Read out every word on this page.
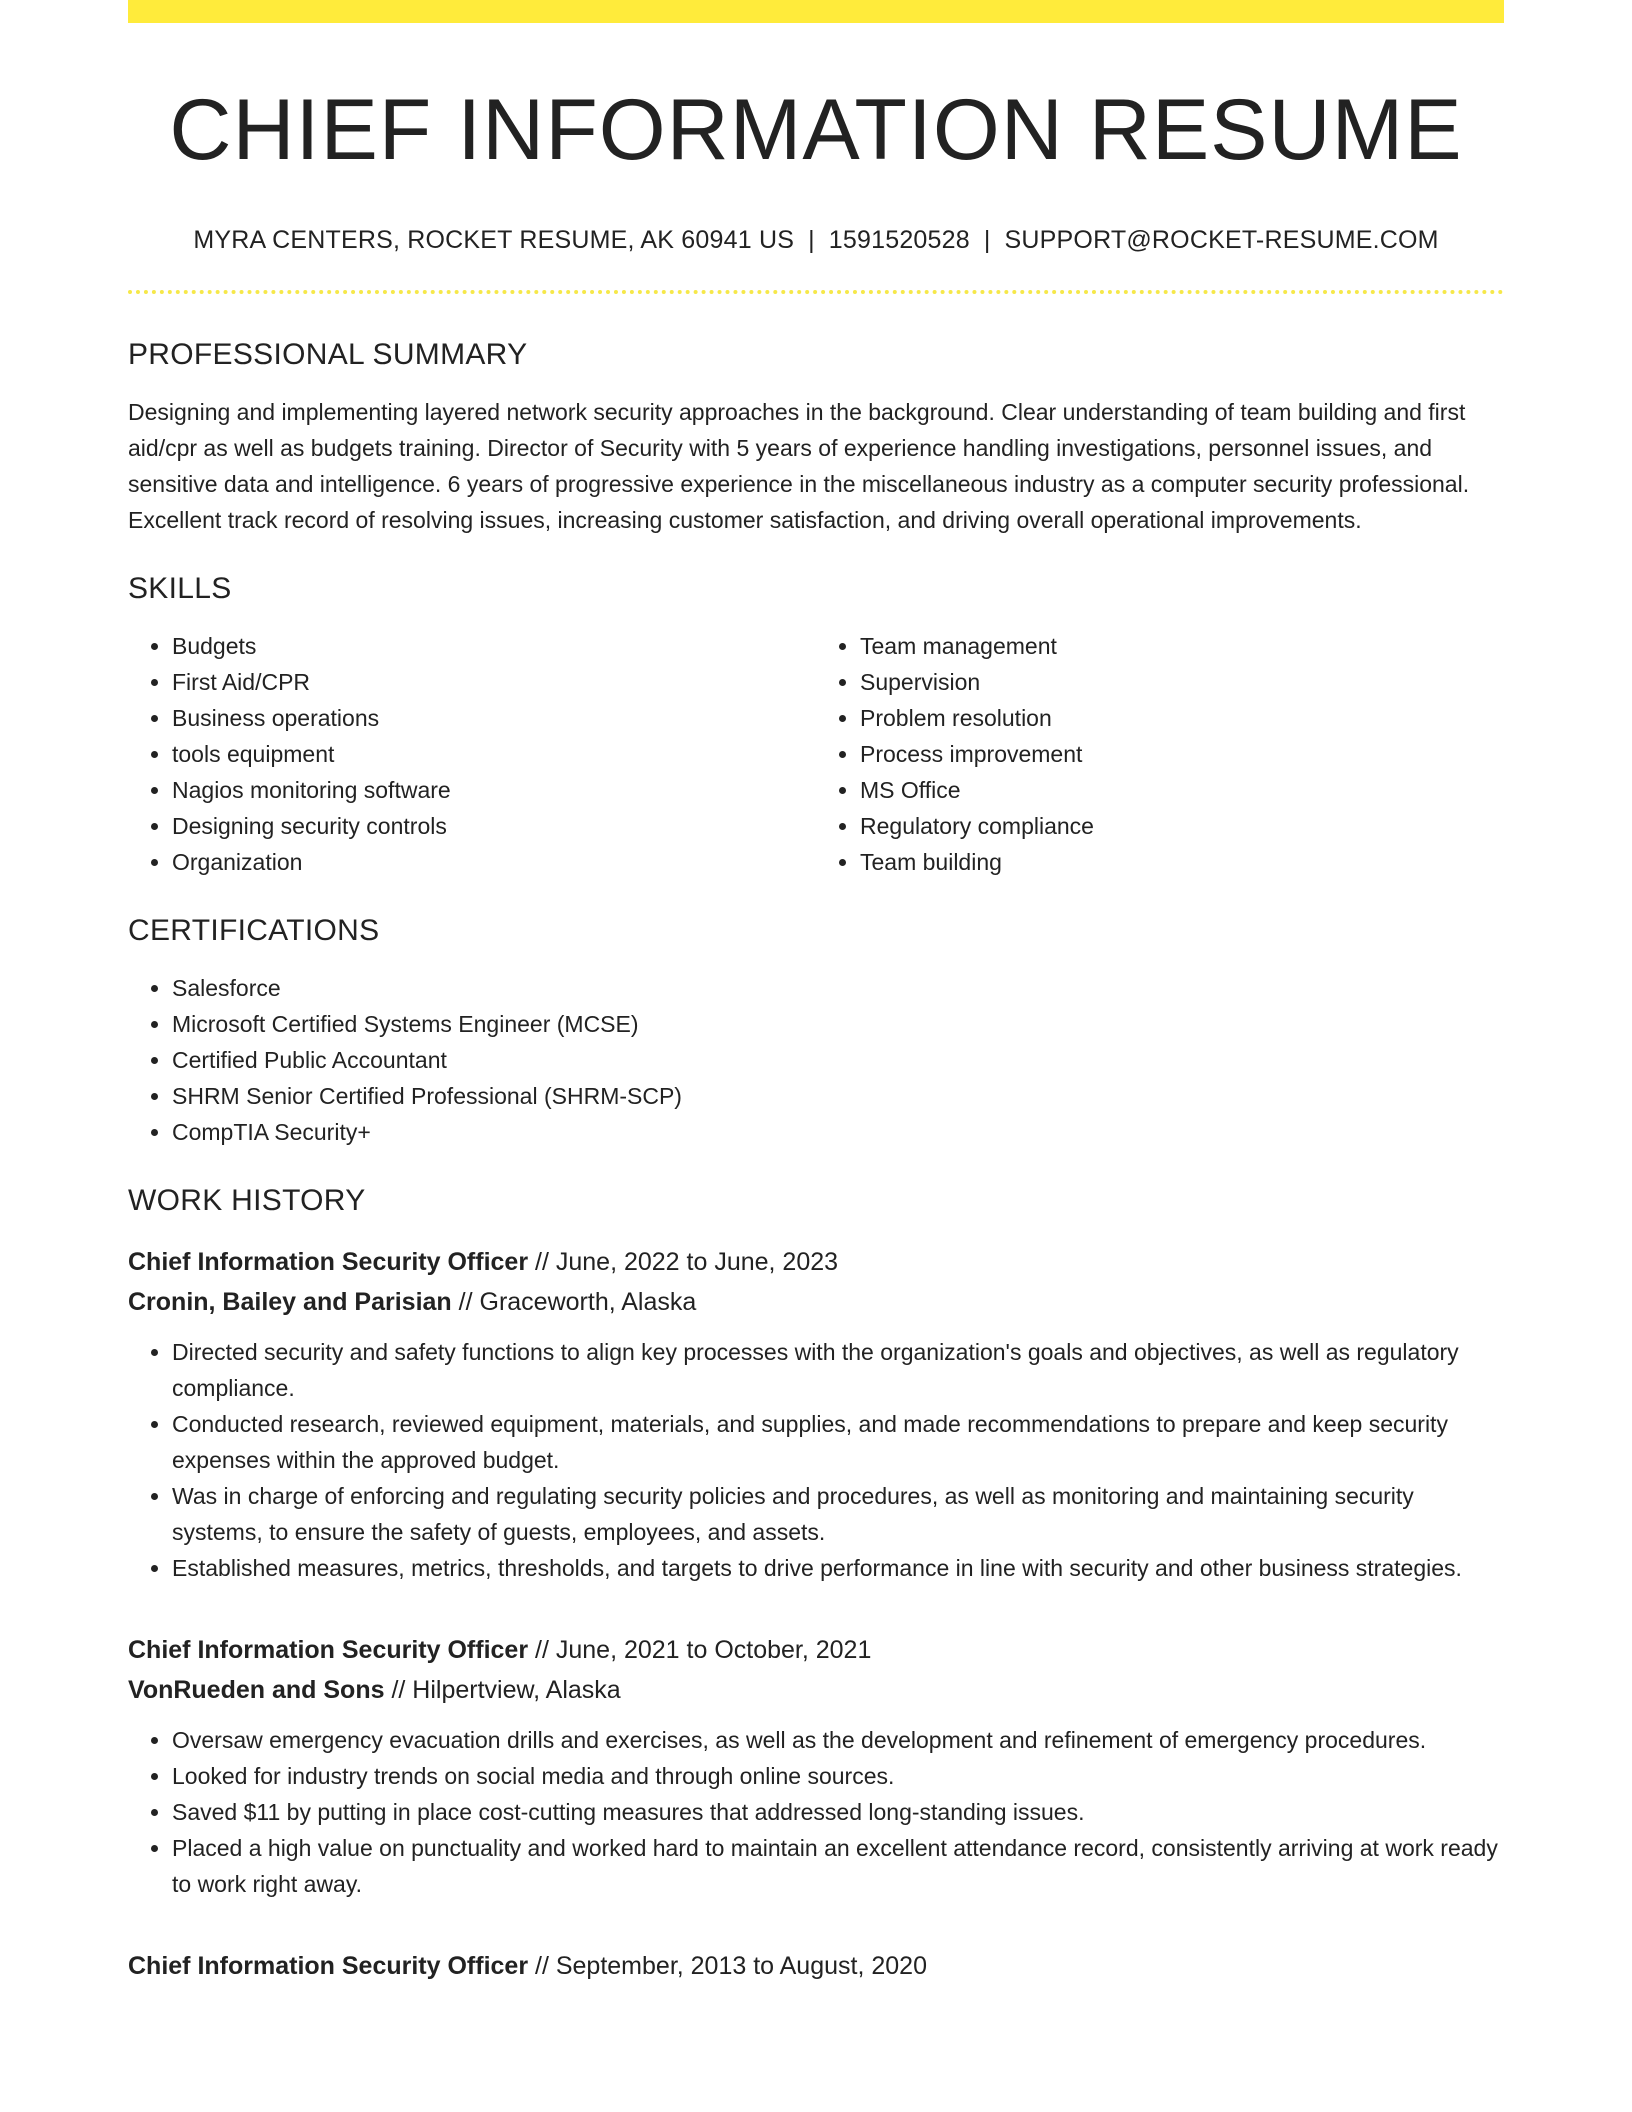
CHIEF INFORMATION RESUME
MYRA CENTERS, ROCKET RESUME, AK 60941 US | 1591520528 | SUPPORT@ROCKET-RESUME.COM
PROFESSIONAL SUMMARY

Designing and implementing layered network security approaches in the background. Clear understanding of team building and first aid/cpr as well as budgets training. Director of Security with 5 years of experience handling investigations, personnel issues, and sensitive data and intelligence. 6 years of progressive experience in the miscellaneous industry as a computer security professional. Excellent track record of resolving issues, increasing customer satisfaction, and driving overall operational improvements.

SKILLS
• Budgets
• First Aid/CPR
• Business operations
• tools equipment
• Nagios monitoring software
• Designing security controls
• Organization
• Team management
• Supervision
• Problem resolution
• Process improvement
• MS Office
• Regulatory compliance
• Team building
CERTIFICATIONS
• Salesforce
• Microsoft Certified Systems Engineer (MCSE)
• Certified Public Accountant
• SHRM Senior Certified Professional (SHRM-SCP)
• CompTIA Security+
WORK HISTORY
Chief Information Security Officer // June, 2022 to June, 2023
Cronin, Bailey and Parisian // Graceworth, Alaska
• Directed security and safety functions to align key processes with the organization's goals and objectives, as well as regulatory compliance.
• Conducted research, reviewed equipment, materials, and supplies, and made recommendations to prepare and keep security expenses within the approved budget.
• Was in charge of enforcing and regulating security policies and procedures, as well as monitoring and maintaining security systems, to ensure the safety of guests, employees, and assets.
• Established measures, metrics, thresholds, and targets to drive performance in line with security and other business strategies.
Chief Information Security Officer // June, 2021 to October, 2021
VonRueden and Sons // Hilpertview, Alaska
• Oversaw emergency evacuation drills and exercises, as well as the development and refinement of emergency procedures.
• Looked for industry trends on social media and through online sources.
• Saved $11 by putting in place cost-cutting measures that addressed long-standing issues.
• Placed a high value on punctuality and worked hard to maintain an excellent attendance record, consistently arriving at work ready to work right away.
Chief Information Security Officer // September, 2013 to August, 2020
